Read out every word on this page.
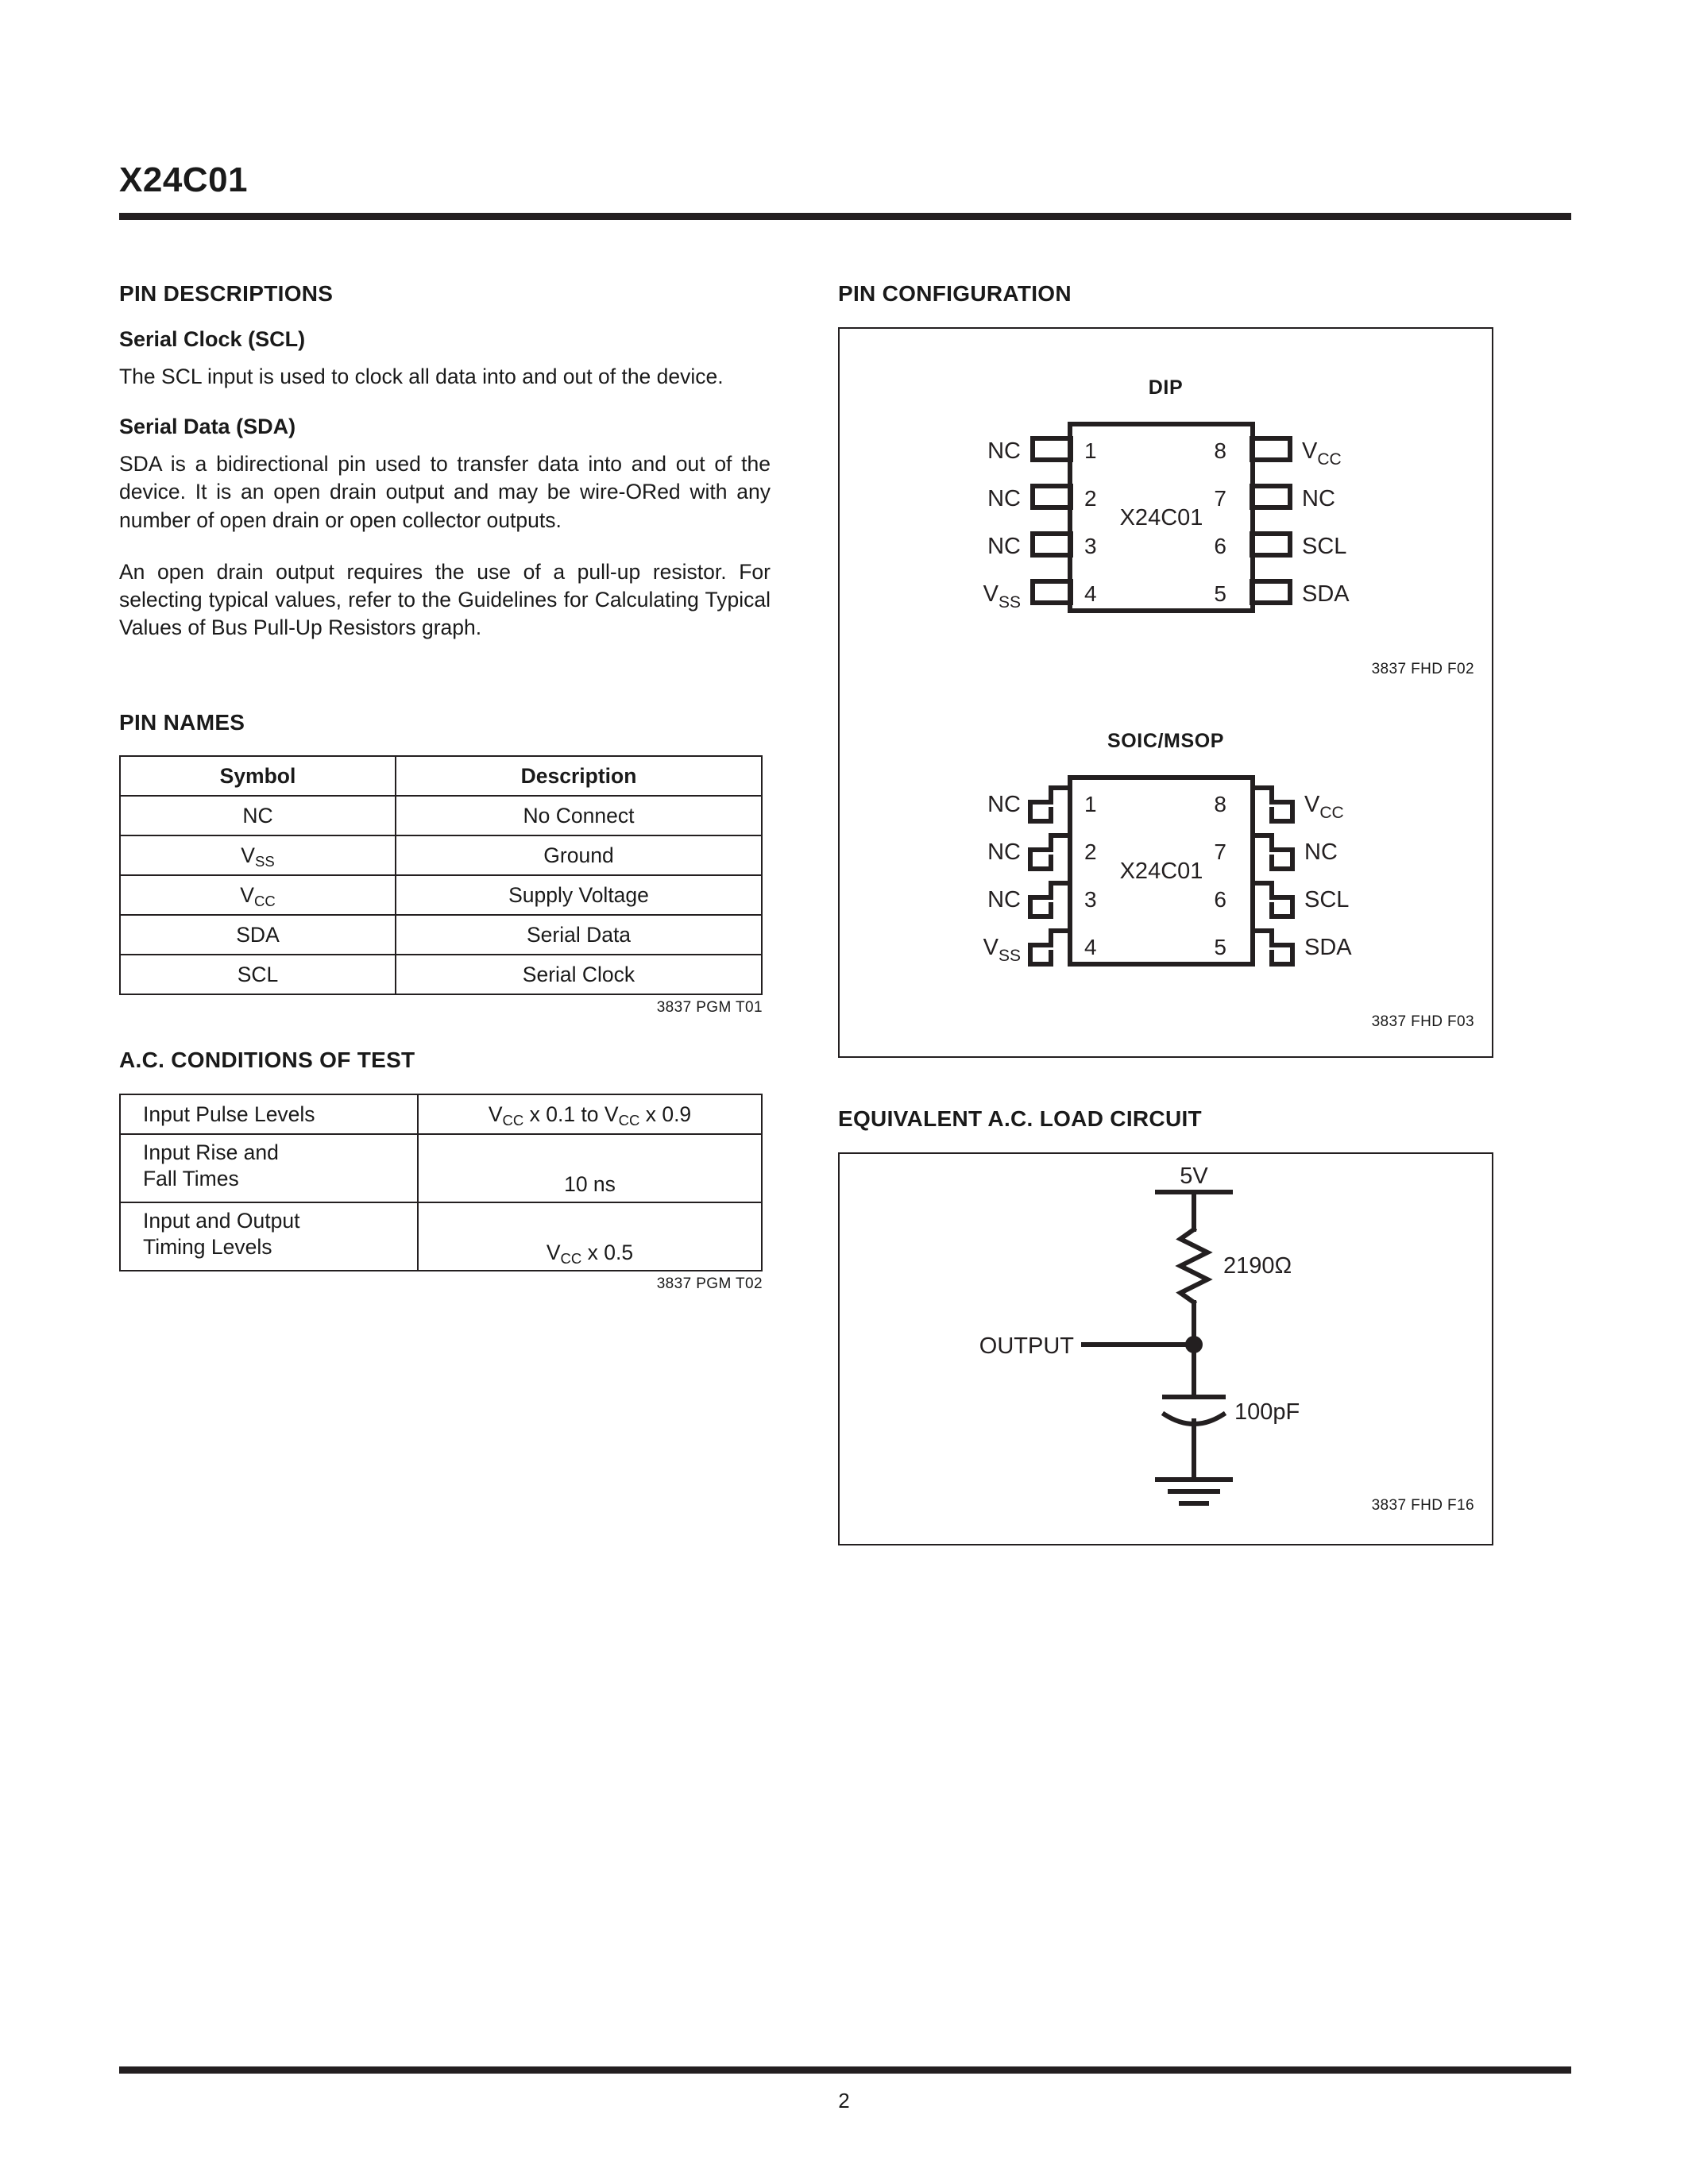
X24C01
PIN DESCRIPTIONS
Serial Clock (SCL)

The SCL input is used to clock all data into and out of the device.

Serial Data (SDA)

SDA is a bidirectional pin used to transfer data into and out of the device. It is an open drain output and may be wire-ORed with any number of open drain or open collector outputs.

An open drain output requires the use of a pull-up resistor. For selecting typical values, refer to the Guidelines for Calculating Typical Values of Bus Pull-Up Resistors graph.

PIN NAMES
Symbol	Description
NC	No Connect
$V_{SS}$	Ground
$V_{CC}$	Supply Voltage
SDA	Serial Data
SCL	Serial Clock
3837 PGM T01
A.C. CONDITIONS OF TEST
Input Pulse Levels	$V_{CC}$ x 0.1 to $V_{CC}$ x 0.9
Input Rise and
Fall Times	10 ns
Input and Output
Timing Levels	$V_{CC}$ x 0.5
3837 PGM T02
PIN CONFIGURATION
DIP
1
2
3
4
8
7
6
5
X24C01
NC
NC
NC
$V_{SS}$
$V_{CC}$
NC
SCL
SDA
3837 FHD F02
SOIC/MSOP
1
2
3
4
8
7
6
5
X24C01
NC
NC
NC
$V_{SS}$
$V_{CC}$
NC
SCL
SDA
3837 FHD F03
EQUIVALENT A.C. LOAD CIRCUIT
5V
2190Ω
OUTPUT
100pF
3837 FHD F16
2
